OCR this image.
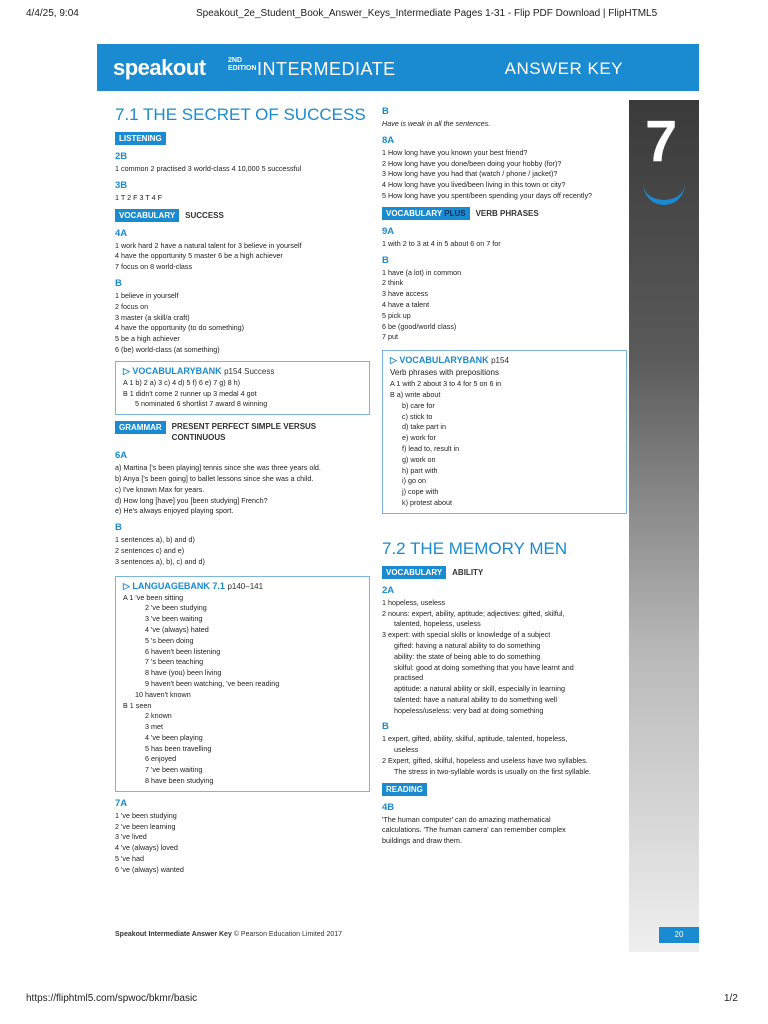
4/4/25, 9:04	Speakout_2e_Student_Book_Answer_Keys_Intermediate Pages 1-31 - Flip PDF Download | FlipHTML5
speakout	2ND EDITION INTERMEDIATE	ANSWER KEY
7
success

7.1 THE SECRET OF SUCCESS

LISTENING

2B

1 common 2 practised 3 world-class 4 10,000 5 successful

3B

1 T 2 F 3 T 4 F

VOCABULARY SUCCESS

4A

1 work hard 2 have a natural talent for 3 believe in yourself

4 have the opportunity 5 master 6 be a high achiever

7 focus on 8 world-class

B

1 believe in yourself

2 focus on

3 master (a skill/a craft)

4 have the opportunity (to do something)

5 be a high achiever

6 (be) world-class (at something)

▷ VOCABULARYBANK p154 Success

A 1 b) 2 a) 3 c) 4 d) 5 f) 6 e) 7 g) 8 h)

B 1 didn't come 2 runner up 3 medal 4 got

5 nominated 6 shortlist 7 award 8 winning

GRAMMAR PRESENT PERFECT SIMPLE VERSUS
CONTINUOUS

6A

a) Martina ['s been playing] tennis since she was three years old.

b) Anya ['s been going] to ballet lessons since she was a child.

c) I've known Max for years.

d) How long [have] you [been studying] French?

e) He's always enjoyed playing sport.

B

1 sentences a), b) and d)

2 sentences c) and e)

3 sentences a), b), c) and d)

▷ LANGUAGEBANK 7.1 p140–141

A 1 've been sitting

2 've been studying

3 've been waiting

4 've (always) hated

5 's been doing

6 haven't been listening

7 's been teaching

8 have (you) been living

9 haven't been watching, 've been reading

10 haven't known

B 1 seen

2 known

3 met

4 've been playing

5 has been travelling

6 enjoyed

7 've been waiting

8 have been studying

7A

1 've been studying

2 've been learning

3 've lived

4 've (always) loved

5 've had

6 've (always) wanted

B

Have is weak in all the sentences.

8A

1 How long have you known your best friend?

2 How long have you done/been doing your hobby (for)?

3 How long have you had that (watch / phone / jacket)?

4 How long have you lived/been living in this town or city?

5 How long have you spent/been spending your days off recently?

VOCABULARY PLUS VERB PHRASES

9A

1 with 2 to 3 at 4 in 5 about 6 on 7 for

B

1 have (a lot) in common

2 think

3 have access

4 have a talent

5 pick up

6 be (good/world class)

7 put

▷ VOCABULARYBANK p154

Verb phrases with prepositions

A 1 with 2 about 3 to 4 for 5 on 6 in

B a) write about

b) care for

c) stick to

d) take part in

e) work for

f) lead to, result in

g) work on

h) part with

i) go on

j) cope with

k) protest about

7.2 THE MEMORY MEN

VOCABULARY ABILITY

2A

1 hopeless, useless

2 nouns: expert, ability, aptitude; adjectives: gifted, skilful,

talented, hopeless, useless

3 expert: with special skills or knowledge of a subject

gifted: having a natural ability to do something

ability: the state of being able to do something

skilful: good at doing something that you have learnt and

practised

aptitude: a natural ability or skill, especially in learning

talented: have a natural ability to do something well

hopeless/useless: very bad at doing something

B

1 expert, gifted, ability, skilful, aptitude, talented, hopeless,

useless

2 Expert, gifted, skilful, hopeless and useless have two syllables.

The stress in two-syllable words is usually on the first syllable.

READING

4B

'The human computer' can do amazing mathematical

calculations. 'The human camera' can remember complex

buildings and draw them.

Speakout Intermediate Answer Key © Pearson Education Limited 2017	20
https://fliphtml5.com/spwoc/bkmr/basic	1/2
